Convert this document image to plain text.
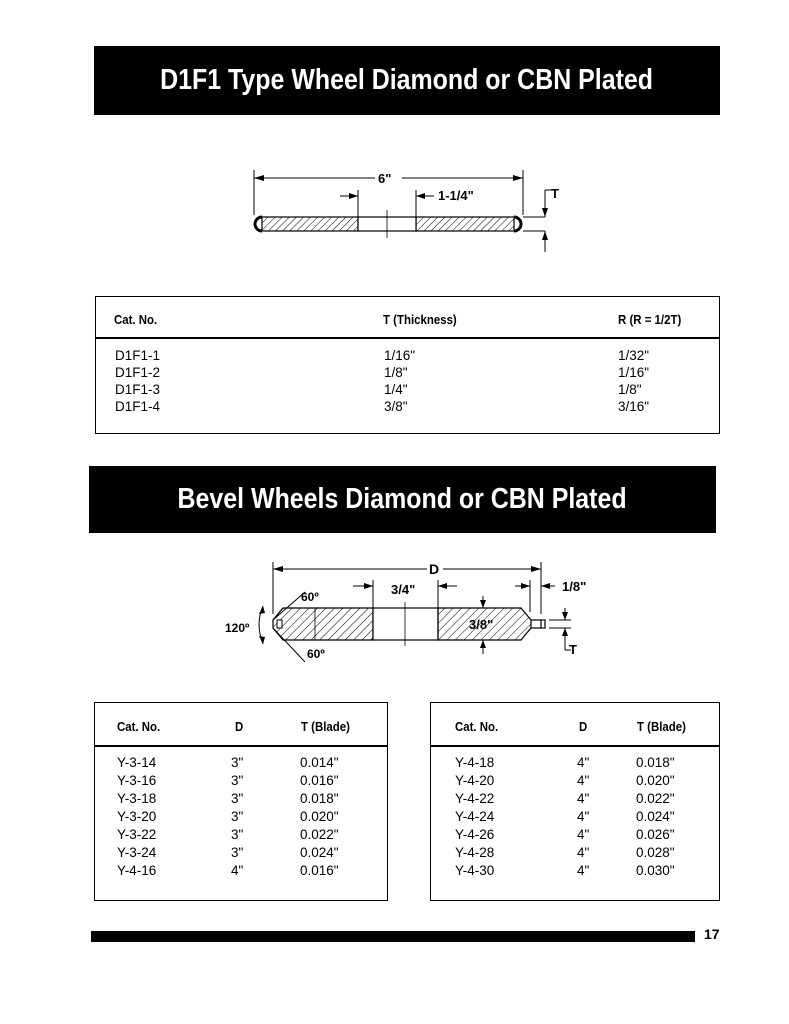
D1F1 Type Wheel Diamond or CBN Plated
6"
1-1/4"	T
Cat. No.	T (Thickness)	R (R = 1/2T)
D1F1-1	1/16"	1/32"
D1F1-2	1/8"	1/16"
D1F1-3	1/4"	1/8"
D1F1-4	3/8"	3/16"
Bevel Wheels Diamond or CBN Plated
D
3/4"	1/8"
3/8"
T
60º
60º
120º
Cat. No.	D	T (Blade)
Y-3-14	3"	0.014"
Y-3-16	3"	0.016"
Y-3-18	3"	0.018"
Y-3-20	3"	0.020"
Y-3-22	3"	0.022"
Y-3-24	3"	0.024"
Y-4-16	4"	0.016"
Cat. No.	D	T (Blade)
Y-4-18	4"	0.018"
Y-4-20	4"	0.020"
Y-4-22	4"	0.022"
Y-4-24	4"	0.024"
Y-4-26	4"	0.026"
Y-4-28	4"	0.028"
Y-4-30	4"	0.030"
17
